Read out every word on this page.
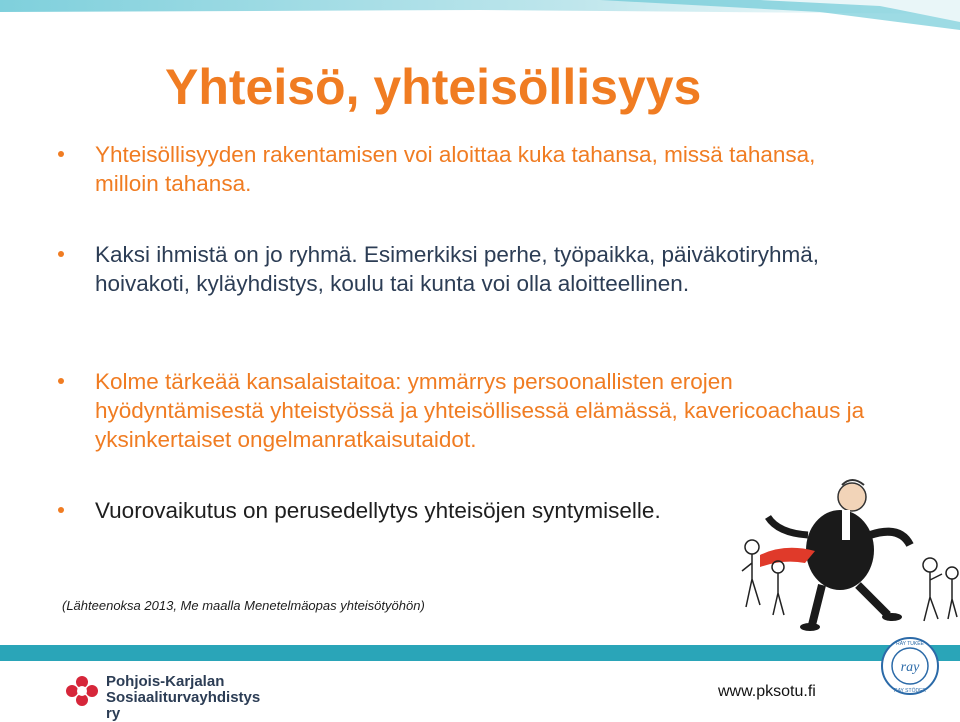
Yhteisö, yhteisöllisyys
Yhteisöllisyyden rakentamisen voi aloittaa kuka tahansa, missä tahansa, milloin tahansa.
Kaksi ihmistä on jo ryhmä. Esimerkiksi perhe, työpaikka, päiväkotiryhmä, hoivakoti, kyläyhdistys, koulu tai kunta voi olla aloitteellinen.
Kolme tärkeää kansalaistaitoa: ymmärrys persoonallisten erojen hyödyntämisestä yhteistyössä ja yhteisöllisessä elämässä, kavericoachaus ja yksinkertaiset ongelmanratkaisutaidot.
Vuorovaikutus on perusedellytys yhteisöjen syntymiselle.
(Lähteenoksa 2013, Me maalla Menetelmäopas yhteisötyöhön)
Pohjois-Karjalan
Sosiaaliturvayhdistys ry
www.pksotu.fi
ray
RAY TUKEE
RAY STÖDER
